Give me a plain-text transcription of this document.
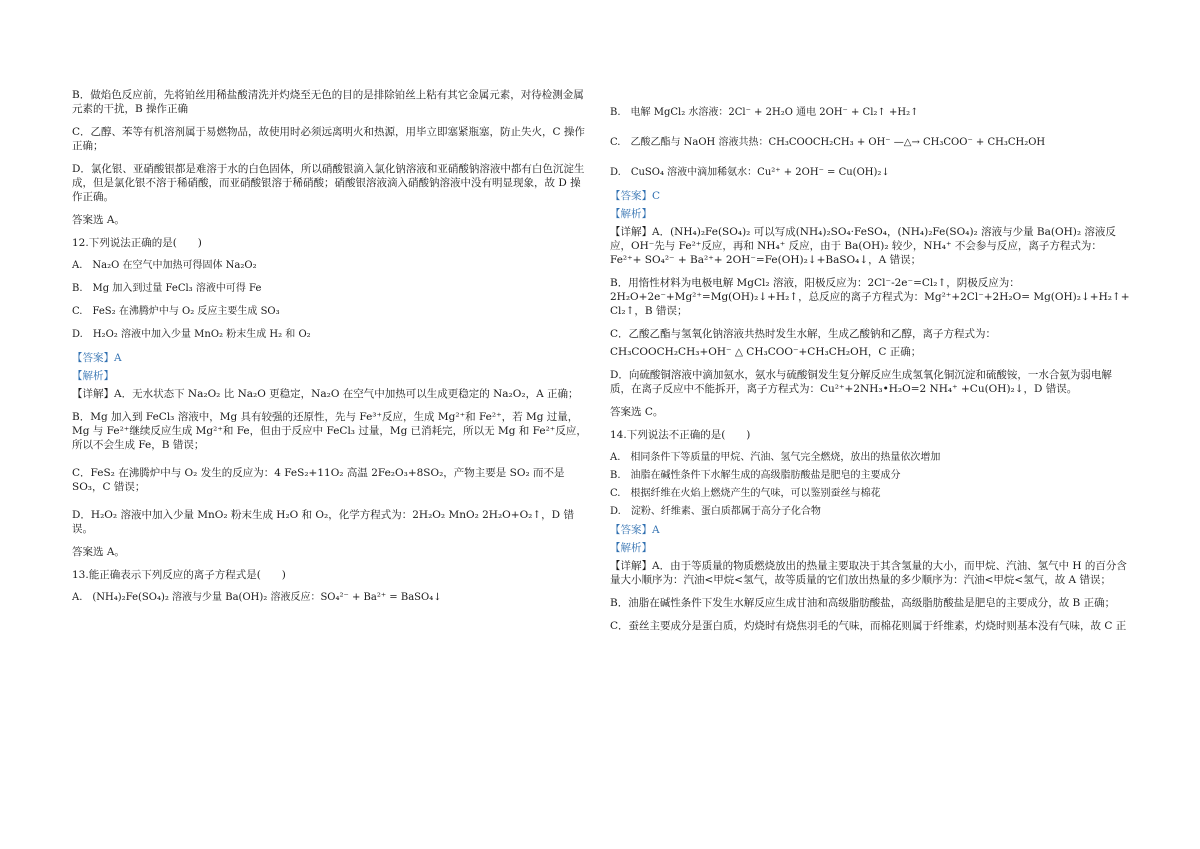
B．做焰色反应前，先将铂丝用稀盐酸清洗并灼烧至无色的目的是排除铂丝上粘有其它金属元素，对待检测金属元素的干扰，B 操作正确

C．乙醇、苯等有机溶剂属于易燃物品，故使用时必须远离明火和热源，用毕立即塞紧瓶塞，防止失火，C 操作正确；

D．氯化银、亚硝酸银都是难溶于水的白色固体，所以硝酸银滴入氯化钠溶液和亚硝酸钠溶液中都有白色沉淀生成，但是氯化银不溶于稀硝酸，而亚硝酸银溶于稀硝酸；硝酸银溶液滴入硝酸钠溶液中没有明显现象，故 D 操作正确。

答案选 A。

12.下列说法正确的是(　　)

A.　Na₂O 在空气中加热可得固体 Na₂O₂

B.　Mg 加入到过量 FeCl₃ 溶液中可得 Fe

C.　FeS₂ 在沸腾炉中与 O₂ 反应主要生成 SO₃

D.　H₂O₂ 溶液中加入少量 MnO₂ 粉末生成 H₂ 和 O₂

【答案】A

【解析】

【详解】A．无水状态下 Na₂O₂ 比 Na₂O 更稳定，Na₂O 在空气中加热可以生成更稳定的 Na₂O₂，A 正确；

B．Mg 加入到 FeCl₃ 溶液中，Mg 具有较强的还原性，先与 Fe³⁺反应，生成 Mg²⁺和 Fe²⁺，若 Mg 过量，Mg 与 Fe²⁺继续反应生成 Mg²⁺和 Fe，但由于反应中 FeCl₃ 过量，Mg 已消耗完，所以无 Mg 和 Fe²⁺反应，所以不会生成 Fe，B 错误；

C．FeS₂ 在沸腾炉中与 O₂ 发生的反应为：4 FeS₂+11O₂ 高温 2Fe₂O₃+8SO₂，产物主要是 SO₂ 而不是 SO₃，C 错误；

D．H₂O₂ 溶液中加入少量 MnO₂ 粉末生成 H₂O 和 O₂，化学方程式为：2H₂O₂ MnO₂ 2H₂O+O₂↑，D 错误。

答案选 A。

13.能正确表示下列反应的离子方程式是(　　)

A.　(NH₄)₂Fe(SO₄)₂ 溶液与少量 Ba(OH)₂ 溶液反应：SO₄²⁻ + Ba²⁺ = BaSO₄↓

B.　电解 MgCl₂ 水溶液：2Cl⁻ + 2H₂O 通电 2OH⁻ + Cl₂↑ +H₂↑

C.　乙酸乙酯与 NaOH 溶液共热：CH₃COOCH₂CH₃ + OH⁻ —△→ CH₃COO⁻ + CH₃CH₂OH

D.　CuSO₄ 溶液中滴加稀氨水：Cu²⁺ + 2OH⁻ = Cu(OH)₂↓

【答案】C

【解析】

【详解】A．(NH₄)₂Fe(SO₄)₂ 可以写成(NH₄)₂SO₄·FeSO₄，(NH₄)₂Fe(SO₄)₂ 溶液与少量 Ba(OH)₂ 溶液反应，OH⁻先与 Fe²⁺反应，再和 NH₄⁺ 反应，由于 Ba(OH)₂ 较少，NH₄⁺ 不会参与反应，离子方程式为：Fe²⁺+ SO₄²⁻ + Ba²⁺+ 2OH⁻=Fe(OH)₂↓+BaSO₄↓，A 错误；

B．用惰性材料为电极电解 MgCl₂ 溶液，阳极反应为：2Cl⁻-2e⁻=Cl₂↑，阴极反应为：2H₂O+2e⁻+Mg²⁺=Mg(OH)₂↓+H₂↑，总反应的离子方程式为：Mg²⁺+2Cl⁻+2H₂O= Mg(OH)₂↓+H₂↑+ Cl₂↑，B 错误；

C．乙酸乙酯与氢氧化钠溶液共热时发生水解，生成乙酸钠和乙醇，离子方程式为：

CH₃COOCH₂CH₃+OH⁻ △ CH₃COO⁻+CH₃CH₂OH，C 正确；

D．向硫酸铜溶液中滴加氨水，氨水与硫酸铜发生复分解反应生成氢氧化铜沉淀和硫酸铵，一水合氨为弱电解质，在离子反应中不能拆开，离子方程式为：Cu²⁺+2NH₃•H₂O=2 NH₄⁺ +Cu(OH)₂↓，D 错误。

答案选 C。

14.下列说法不正确的是(　　)

A.　相同条件下等质量的甲烷、汽油、氢气完全燃烧，放出的热量依次增加

B.　油脂在碱性条件下水解生成的高级脂肪酸盐是肥皂的主要成分

C.　根据纤维在火焰上燃烧产生的气味，可以鉴别蚕丝与棉花

D.　淀粉、纤维素、蛋白质都属于高分子化合物

【答案】A

【解析】

【详解】A．由于等质量的物质燃烧放出的热量主要取决于其含氢量的大小，而甲烷、汽油、氢气中 H 的百分含量大小顺序为：汽油<甲烷<氢气，故等质量的它们放出热量的多少顺序为：汽油<甲烷<氢气，故 A 错误；

B．油脂在碱性条件下发生水解反应生成甘油和高级脂肪酸盐，高级脂肪酸盐是肥皂的主要成分，故 B 正确；

C．蚕丝主要成分是蛋白质，灼烧时有烧焦羽毛的气味，而棉花则属于纤维素，灼烧时则基本没有气味，故 C 正
